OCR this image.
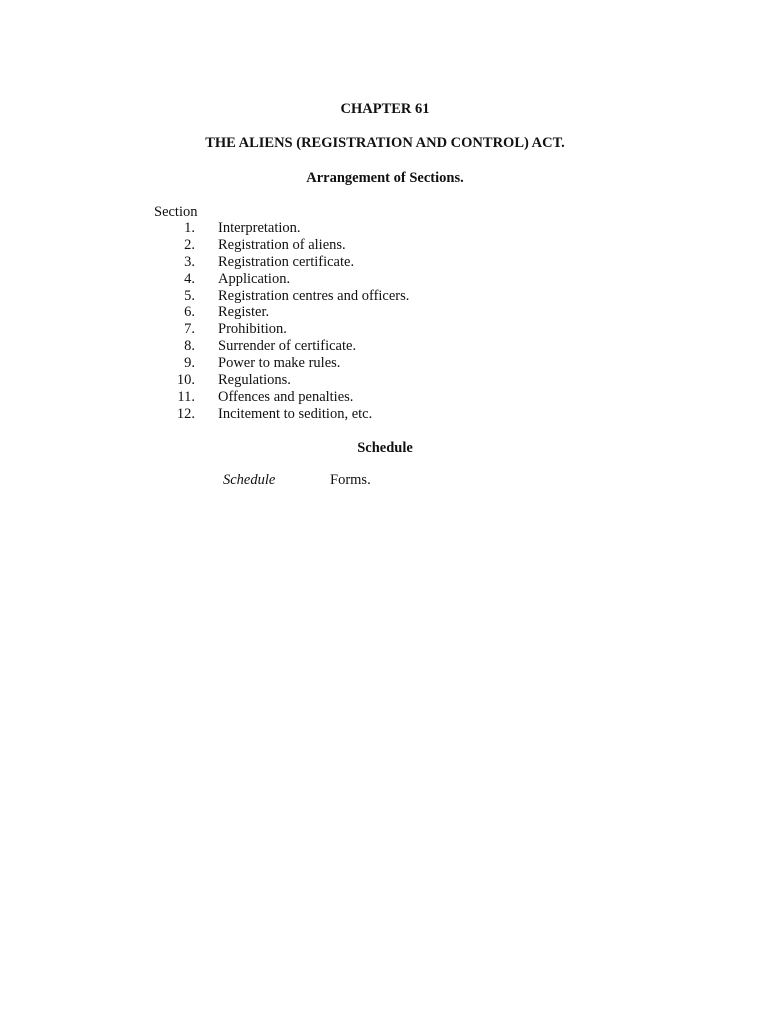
CHAPTER 61
THE ALIENS (REGISTRATION AND CONTROL) ACT.
Arrangement of Sections.
Section
1. Interpretation.
2. Registration of aliens.
3. Registration certificate.
4. Application.
5. Registration centres and officers.
6. Register.
7. Prohibition.
8. Surrender of certificate.
9. Power to make rules.
10. Regulations.
11. Offences and penalties.
12. Incitement to sedition, etc.
Schedule
Schedule	Forms.
